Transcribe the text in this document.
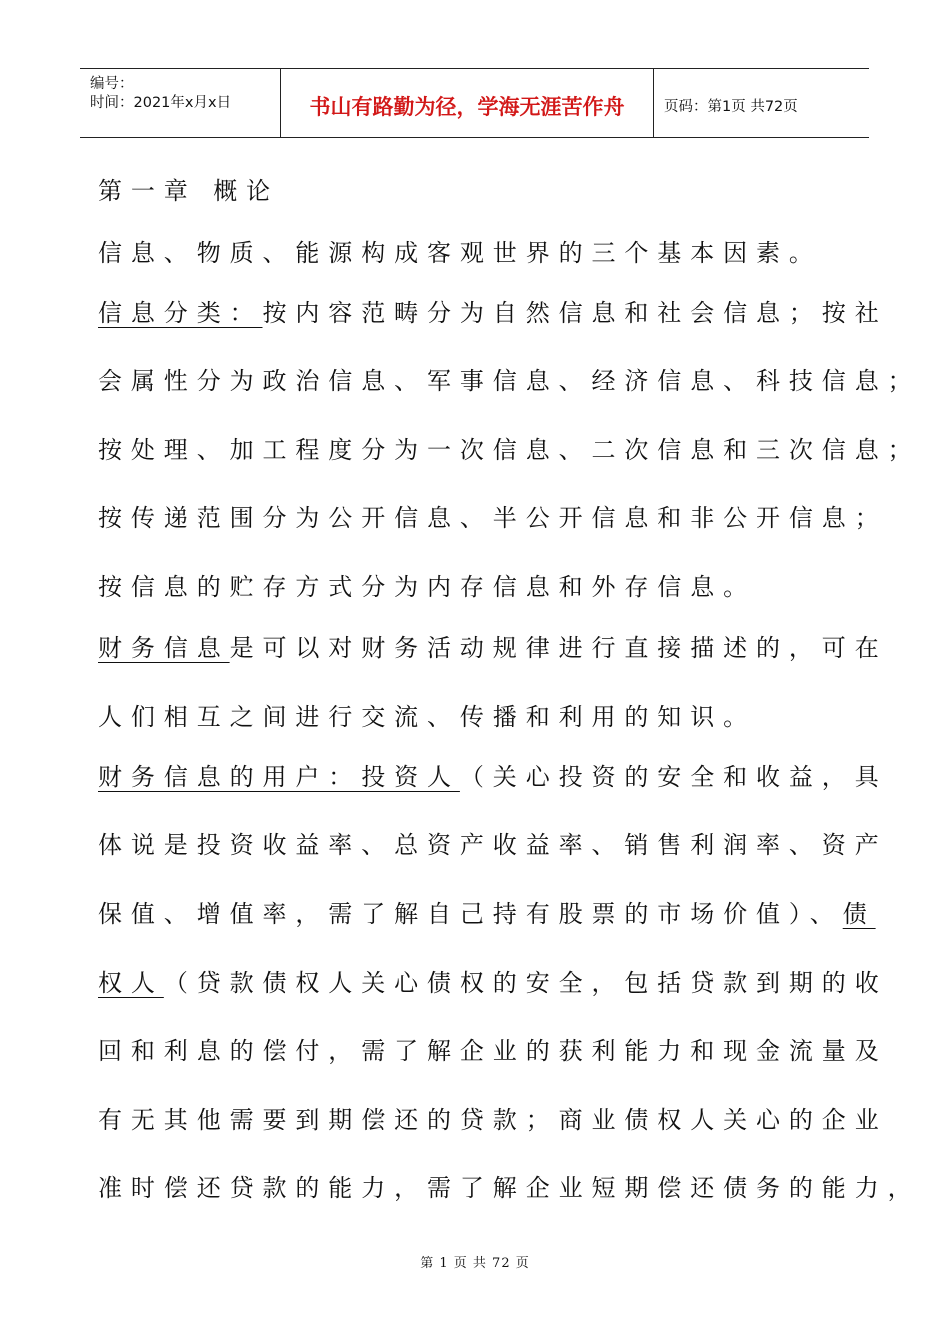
编号：
时间：2021年x月x日	书山有路勤为径，学海无涯苦作舟	页码：第1页 共72页
第一章 概论
信息、物质、能源构成客观世界的三个基本因素。
信息分类：按内容范畴分为自然信息和社会信息；按社
会属性分为政治信息、军事信息、经济信息、科技信息；
按处理、加工程度分为一次信息、二次信息和三次信息；
按传递范围分为公开信息、半公开信息和非公开信息；
按信息的贮存方式分为内存信息和外存信息。
财务信息是可以对财务活动规律进行直接描述的，可在
人们相互之间进行交流、传播和利用的知识。
财务信息的用户：投资人（关心投资的安全和收益，具
体说是投资收益率、总资产收益率、销售利润率、资产
保值、增值率，需了解自己持有股票的市场价值）、债
权人（贷款债权人关心债权的安全，包括贷款到期的收
回和利息的偿付，需了解企业的获利能力和现金流量及
有无其他需要到期偿还的贷款；商业债权人关心的企业
准时偿还贷款的能力，需了解企业短期偿还债务的能力，
第 1 页 共 72 页
